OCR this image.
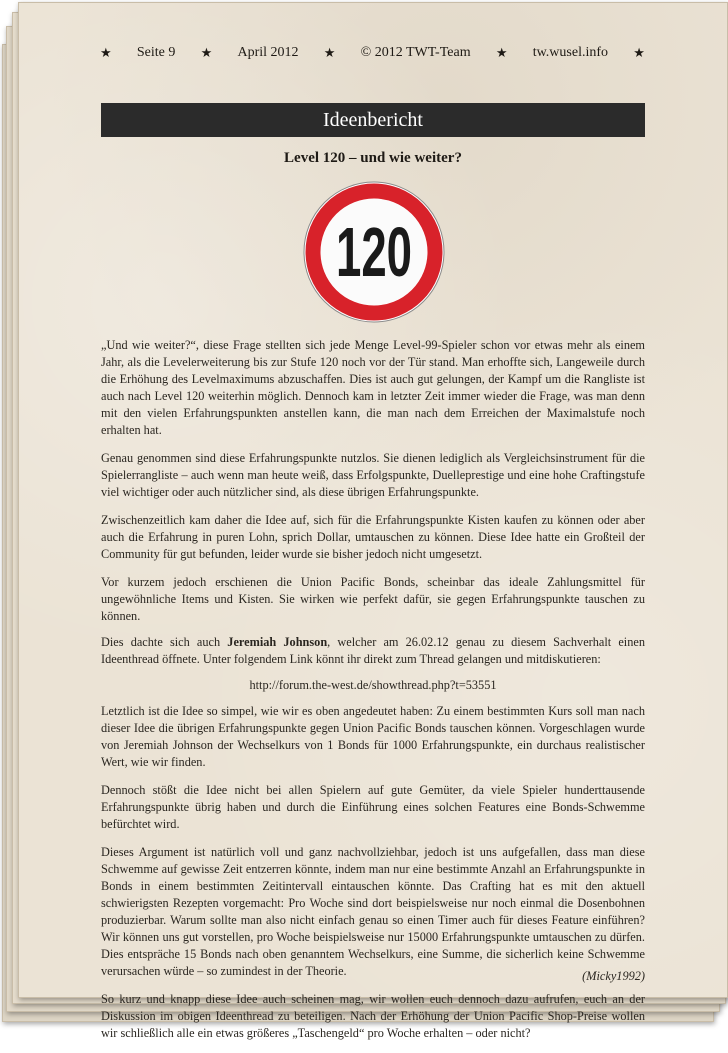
★ Seite 9 ★ April 2012 ★ © 2012 TWT-Team ★ tw.wusel.info ★
Ideenbericht
Level 120 – und wie weiter?
120

„Und wie weiter?“, diese Frage stellten sich jede Menge Level-99-Spieler schon vor etwas mehr als einem Jahr, als die Levelerweiterung bis zur Stufe 120 noch vor der Tür stand. Man erhoffte sich, Langeweile durch die Erhöhung des Levelmaximums abzuschaffen. Dies ist auch gut gelungen, der Kampf um die Rangliste ist auch nach Level 120 weiterhin möglich. Dennoch kam in letzter Zeit immer wieder die Frage, was man denn mit den vielen Erfahrungspunkten anstellen kann, die man nach dem Erreichen der Maximalstufe noch erhalten hat.

Genau genommen sind diese Erfahrungspunkte nutzlos. Sie dienen lediglich als Vergleichsinstrument für die Spielerrangliste – auch wenn man heute weiß, dass Erfolgspunkte, Duelleprestige und eine hohe Craftingstufe viel wichtiger oder auch nützlicher sind, als diese übrigen Erfahrungspunkte.

Zwischenzeitlich kam daher die Idee auf, sich für die Erfahrungspunkte Kisten kaufen zu können oder aber auch die Erfahrung in puren Lohn, sprich Dollar, umtauschen zu können. Diese Idee hatte ein Großteil der Community für gut befunden, leider wurde sie bisher jedoch nicht umgesetzt.

Vor kurzem jedoch erschienen die Union Pacific Bonds, scheinbar das ideale Zahlungsmittel für ungewöhnliche Items und Kisten. Sie wirken wie perfekt dafür, sie gegen Erfahrungspunkte tauschen zu können.

Dies dachte sich auch Jeremiah Johnson, welcher am 26.02.12 genau zu diesem Sachverhalt einen Ideenthread öffnete. Unter folgendem Link könnt ihr direkt zum Thread gelangen und mitdiskutieren:

http://forum.the-west.de/showthread.php?t=53551

Letztlich ist die Idee so simpel, wie wir es oben angedeutet haben: Zu einem bestimmten Kurs soll man nach dieser Idee die übrigen Erfahrungspunkte gegen Union Pacific Bonds tauschen können. Vorgeschlagen wurde von Jeremiah Johnson der Wechselkurs von 1 Bonds für 1000 Erfahrungspunkte, ein durchaus realistischer Wert, wie wir finden.

Dennoch stößt die Idee nicht bei allen Spielern auf gute Gemüter, da viele Spieler hunderttausende Erfahrungspunkte übrig haben und durch die Einführung eines solchen Features eine Bonds-Schwemme befürchtet wird.

Dieses Argument ist natürlich voll und ganz nachvollziehbar, jedoch ist uns aufgefallen, dass man diese Schwemme auf gewisse Zeit entzerren könnte, indem man nur eine bestimmte Anzahl an Erfahrungspunkte in Bonds in einem bestimmten Zeitintervall eintauschen könnte. Das Crafting hat es mit den aktuell schwierigsten Rezepten vorgemacht: Pro Woche sind dort beispielsweise nur noch einmal die Dosenbohnen produzierbar. Warum sollte man also nicht einfach genau so einen Timer auch für dieses Feature einführen? Wir können uns gut vorstellen, pro Woche beispielsweise nur 15000 Erfahrungspunkte umtauschen zu dürfen. Dies entspräche 15 Bonds nach oben genanntem Wechselkurs, eine Summe, die sicherlich keine Schwemme verursachen würde – so zumindest in der Theorie.

So kurz und knapp diese Idee auch scheinen mag, wir wollen euch dennoch dazu aufrufen, euch an der Diskussion im obigen Ideenthread zu beteiligen. Nach der Erhöhung der Union Pacific Shop-Preise wollen wir schließlich alle ein etwas größeres „Taschengeld“ pro Woche erhalten – oder nicht?

(Micky1992)
